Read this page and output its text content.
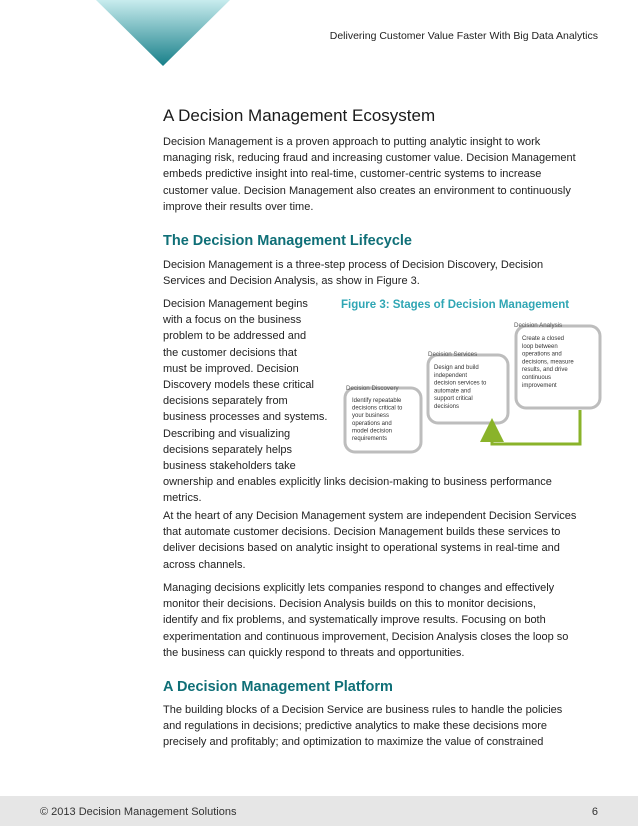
Delivering Customer Value Faster With Big Data Analytics
A Decision Management Ecosystem

Decision Management is a proven approach to putting analytic insight to work

managing risk, reducing fraud and increasing customer value. Decision Management

embeds predictive insight into real-time, customer-centric systems to increase

customer value. Decision Management also creates an environment to continuously

improve their results over time.

The Decision Management Lifecycle

Decision Management is a three-step process of Decision Discovery, Decision

Services and Decision Analysis, as show in Figure 3.

Decision Management begins

with a focus on the business

problem to be addressed and

the customer decisions that

must be improved. Decision

Discovery models these critical

decisions separately from

business processes and systems.

Describing and visualizing

decisions separately helps

business stakeholders take

ownership and enables explicitly links decision-making to business performance

metrics.

At the heart of any Decision Management system are independent Decision Services

that automate customer decisions. Decision Management builds these services to

deliver decisions based on analytic insight to operational systems in real-time and

across channels.

Managing decisions explicitly lets companies respond to changes and effectively

monitor their decisions. Decision Analysis builds on this to monitor decisions,

identify and fix problems, and systematically improve results. Focusing on both

experimentation and continuous improvement, Decision Analysis closes the loop so

the business can quickly respond to threats and opportunities.

Figure 3: Stages of Decision Management
Decision Analysis
Create a closed loop between operations and decisions, measure results, and drive continuous improvement
Decision Services
Design and build independent decision services to automate and support critical decisions
Decision Discovery
Identify repeatable decisions critical to your business operations and model decision requirements
A Decision Management Platform

The building blocks of a Decision Service are business rules to handle the policies

and regulations in decisions; predictive analytics to make these decisions more

precisely and profitably; and optimization to maximize the value of constrained

© 2013 Decision Management Solutions	6
